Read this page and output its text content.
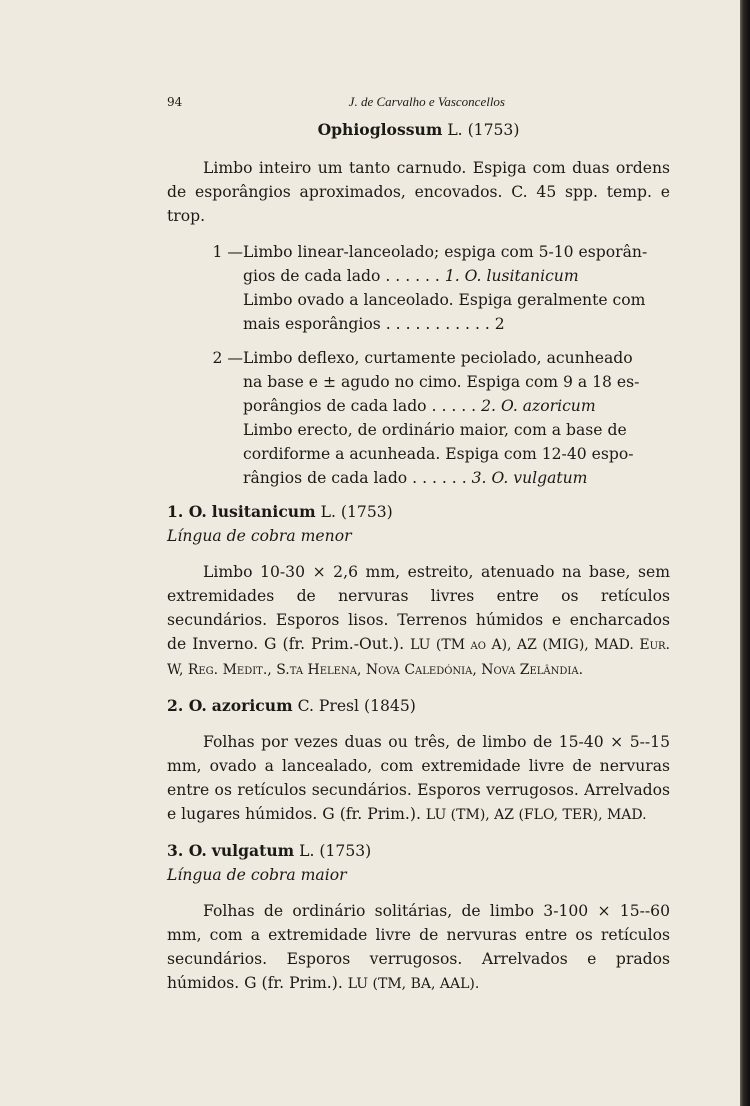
94	J. de Carvalho e Vasconcellos
Ophioglossum L. (1753)

Limbo inteiro um tanto carnudo. Espiga com duas ordens de esporângios aproximados, encovados. C. 45 spp. temp. e trop.

1 — Limbo linear-lanceolado; espiga com 5-10 esporân-
gios de cada lado . . . . . . 1. O. lusitanicum
Limbo ovado a lanceolado. Espiga geralmente com
mais esporângios . . . . . . . . . . . 2
2 — Limbo deflexo, curtamente peciolado, acunheado
na base e ± agudo no cimo. Espiga com 9 a 18 es-
porângios de cada lado . . . . . 2. O. azoricum
Limbo erecto, de ordinário maior, com a base de
cordiforme a acunheada. Espiga com 12-40 espo-
rângios de cada lado . . . . . . 3. O. vulgatum
1. O. lusitanicum L. (1753)
Língua de cobra menor

Limbo 10-30 × 2,6 mm, estreito, atenuado na base, sem extremidades de nervuras livres entre os retículos secundários. Esporos lisos. Terrenos húmidos e encharcados de Inverno. G (fr. Prim.-Out.). LU (TM ao A), AZ (MIG), MAD. Eur. W, Reg. Medit., S.ta Helena, Nova Caledónia, Nova Zelândia.

2. O. azoricum C. Presl (1845)

Folhas por vezes duas ou três, de limbo de 15-40 × 5--15 mm, ovado a lancealado, com extremidade livre de nervuras entre os retículos secundários. Esporos verrugosos. Arrelvados e lugares húmidos. G (fr. Prim.). LU (TM), AZ (FLO, TER), MAD.

3. O. vulgatum L. (1753)
Língua de cobra maior

Folhas de ordinário solitárias, de limbo 3-100 × 15--60 mm, com a extremidade livre de nervuras entre os retículos secundários. Esporos verrugosos. Arrelvados e prados húmidos. G (fr. Prim.). LU (TM, BA, AAL).
